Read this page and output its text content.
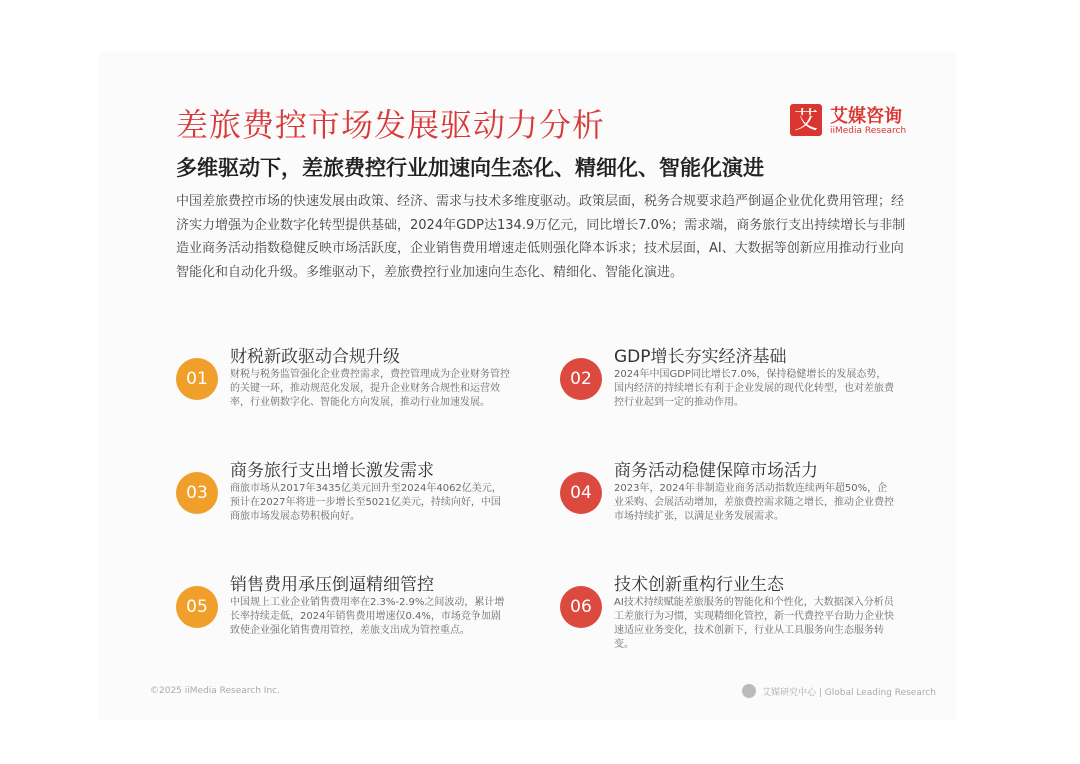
差旅费控市场发展驱动力分析	艾 艾媒咨询
iiMedia Research
多维驱动下，差旅费控行业加速向生态化、精细化、智能化演进
中国差旅费控市场的快速发展由政策、经济、需求与技术多维度驱动。政策层面，税务合规要求趋严倒逼企业优化费用管理；经济实力增强为企业数字化转型提供基础，2024年GDP达134.9万亿元，同比增长7.0%；需求端，商务旅行支出持续增长与非制造业商务活动指数稳健反映市场活跃度，企业销售费用增速走低则强化降本诉求；技术层面，AI、大数据等创新应用推动行业向智能化和自动化升级。多维驱动下，差旅费控行业加速向生态化、精细化、智能化演进。
01
财税新政驱动合规升级
财税与税务监管强化企业费控需求，费控管理成为企业财务管控的关键一环，推动规范化发展，提升企业财务合规性和运营效率，行业朝数字化、智能化方向发展，推动行业加速发展。
02
GDP增长夯实经济基础
2024年中国GDP同比增长7.0%，保持稳健增长的发展态势，国内经济的持续增长有利于企业发展的现代化转型，也对差旅费控行业起到一定的推动作用。
03
商务旅行支出增长激发需求
商旅市场从2017年3435亿美元回升至2024年4062亿美元，预计在2027年将进一步增长至5021亿美元，持续向好，中国商旅市场发展态势积极向好。
04
商务活动稳健保障市场活力
2023年，2024年非制造业商务活动指数连续两年超50%，企业采购、会展活动增加，差旅费控需求随之增长，推动企业费控市场持续扩张，以满足业务发展需求。
05
销售费用承压倒逼精细管控
中国规上工业企业销售费用率在2.3%-2.9%之间波动，累计增长率持续走低，2024年销售费用增速仅0.4%，市场竞争加剧致使企业强化销售费用管控，差旅支出成为管控重点。
06
技术创新重构行业生态
AI技术持续赋能差旅服务的智能化和个性化，大数据深入分析员工差旅行为习惯，实现精细化管控，新一代费控平台助力企业快速适应业务变化，技术创新下，行业从工具服务向生态服务转变。
©2025 iiMedia Research Inc.	艾媒研究中心 | Global Leading Research
